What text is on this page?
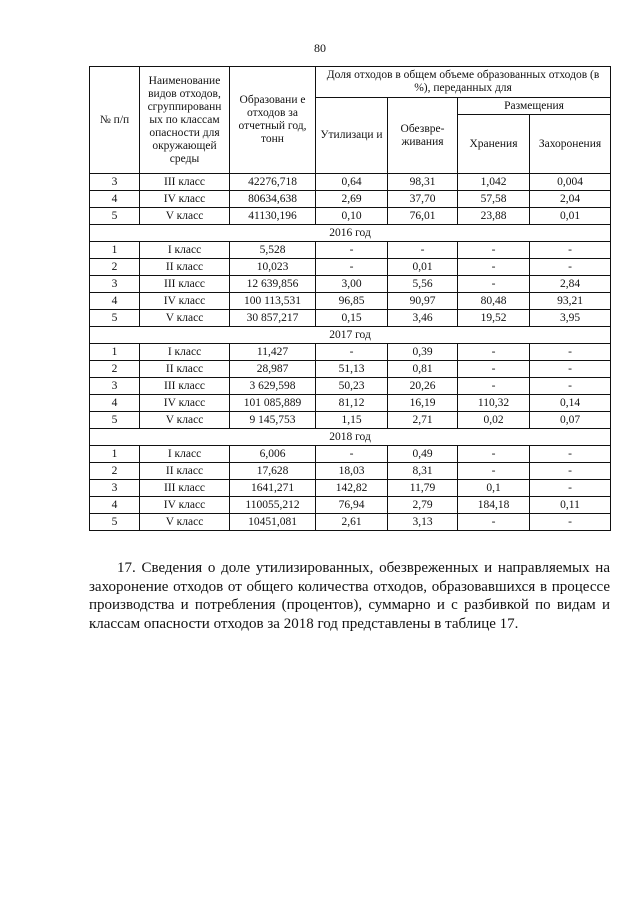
80
№ п/п	Наименование видов отходов, сгруппированн ых по классам опасности для окружающей среды	Образовани е отходов за отчетный год, тонн	Доля отходов в общем объеме образованных отходов (в %), переданных для			
			Утилизаци и	Обезвре- живания	Размещения	
					Хранения	Захоронения
3	III класс	42276,718	0,64	98,31	1,042	0,004
4	IV класс	80634,638	2,69	37,70	57,58	2,04
5	V класс	41130,196	0,10	76,01	23,88	0,01
2016 год						
1	I класс	5,528	-	-	-	-
2	II класс	10,023	-	0,01	-	-
3	III класс	12 639,856	3,00	5,56	-	2,84
4	IV класс	100 113,531	96,85	90,97	80,48	93,21
5	V класс	30 857,217	0,15	3,46	19,52	3,95
2017 год						
1	I класс	11,427	-	0,39	-	-
2	II класс	28,987	51,13	0,81	-	-
3	III класс	3 629,598	50,23	20,26	-	-
4	IV класс	101 085,889	81,12	16,19	110,32	0,14
5	V класс	9 145,753	1,15	2,71	0,02	0,07
2018 год						
1	I класс	6,006	-	0,49	-	-
2	II класс	17,628	18,03	8,31	-	-
3	III класс	1641,271	142,82	11,79	0,1	-
4	IV класс	110055,212	76,94	2,79	184,18	0,11
5	V класс	10451,081	2,61	3,13	-	-

17. Сведения о доле утилизированных, обезвреженных и направляемых на захоронение отходов от общего количества отходов, образовавшихся в процессе производства и потребления (процентов), суммарно и с разбивкой по видам и классам опасности отходов за 2018 год представлены в таблице 17.
